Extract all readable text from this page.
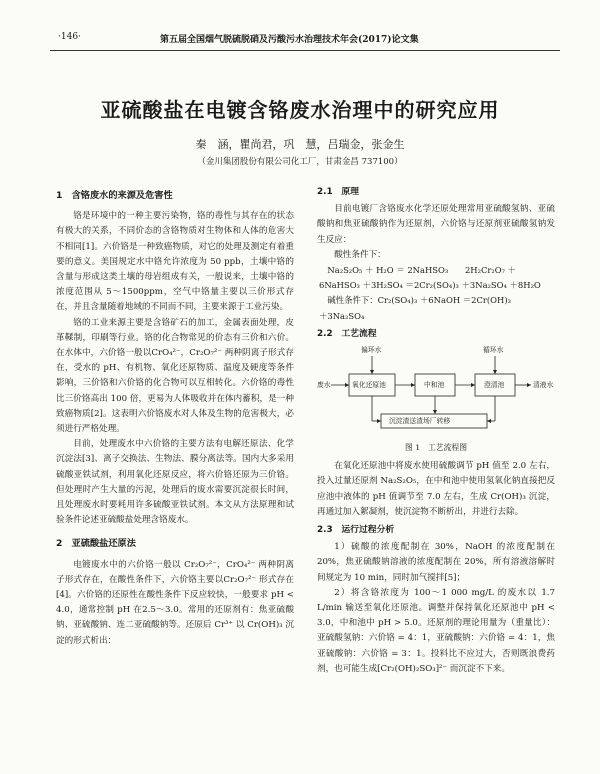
·146·	第五届全国烟气脱硫脱硝及污酸污水治理技术年会(2017)论文集
亚硫酸盐在电镀含铬废水治理中的研究应用
秦　涵，瞿尚君，巩　慧，吕瑞金，张金生
（金川集团股份有限公司化工厂，甘肃金昌 737100）
1　含铬废水的来源及危害性

铬是环境中的一种主要污染物，铬的毒性与其存在的状态有极大的关系，不同价态的含铬物质对生物体和人体的危害大不相同[1]。六价铬是一种致癌物质，对它的处理及测定有着重要的意义。美国规定水中铬允许浓度为 50 ppb，土壤中铬的含量与形成这类土壤的母岩组成有关，一般说来，土壤中铬的浓度范围从 5～1500ppm，空气中铬量主要以三价形式存在，并且含量随着地域的不同而不同，主要来源于工业污染。

铬的工业来源主要是含铬矿石的加工，金属表面处理，皮革鞣制，印刷等行业。铬的化合物常见的价态有三价和六价。在水体中，六价铬一般以CrO₄²⁻，Cr₂O₇²⁻ 两种阴离子形式存在，受水的 pH、有机物、氧化还原物质、温度及硬度等条件影响，三价铬和六价铬的化合物可以互相转化。六价铬的毒性比三价铬高出 100 倍，更易为人体吸收并在体内蓄积，是一种致癌物质[2]。这表明六价铬废水对人体及生物的危害极大，必须进行严格处理。

目前，处理废水中六价铬的主要方法有电解还原法、化学沉淀法[3]、离子交换法、生物法、膜分离法等。国内大多采用硫酸亚铁试剂，利用氧化还原反应，将六价铬还原为三价铬。但处理时产生大量的污泥，处理后的废水需要沉淀很长时间，且处理废水时要耗用许多硫酸亚铁试剂。本文从方法原理和试验条件论述亚硫酸盐处理含铬废水。

2　亚硫酸盐还原法

电镀废水中的六价铬一般以 Cr₂O₇²⁻，CrO₄²⁻ 两种阴离子形式存在，在酸性条件下，六价铬主要以Cr₂O₇²⁻ 形式存在[4]。六价铬的还原性在酸性条件下反应较快，一般要求 pH < 4.0，通常控制 pH 在2.5～3.0。常用的还原剂有：焦亚硫酸钠、亚硫酸钠、连二亚硫酸钠等。还原后 Cr³⁺ 以 Cr(OH)₃ 沉淀的形式析出：

2.1　原理

目前电镀厂含铬废水化学还原处理常用亚硫酸氢钠、亚硫酸钠和焦亚硫酸钠作为还原剂，六价铬与还原剂亚硫酸氢钠发生反应：

酸性条件下：

Na₂S₂O₅ ＋ H₂O ＝ 2NaHSO₃　　2H₂Cr₂O₇ ＋

6NaHSO₃ ＋3H₂SO₄ ＝2Cr₂(SO₄)₃ ＋3Na₂SO₄ ＋8H₂O

碱性条件下：Cr₂(SO₄)₃ ＋6NaOH ＝2Cr(OH)₃

＋3Na₂SO₄

2.2　工艺流程
偏环水	循环水
废水	清液水
氧化还原池	中和池	澄清池
沉淀渣送渣场厂转移
图 1　工艺流程图

在氧化还原池中将废水使用硫酸调节 pH 值至 2.0 左右，投入过量还原剂 Na₂S₂O₅，在中和池中使用氢氧化钠直接把反应池中液体的 pH 值调节至 7.0 左右，生成 Cr(OH)₃ 沉淀，再通过加入絮凝剂，使沉淀物不断析出，并进行去除。

2.3　运行过程分析

1）硫酸的浓度配制在 30%，NaOH 的浓度配制在 20%，焦亚硫酸钠溶液的浓度配制在 20%，所有溶液溶解时间规定为 10 min，同时加气搅拌[5]；

2）将含铬浓度为 100～1 000 mg/L 的废水以 1.7 L/min 输送至氧化还原池。调整并保持氧化还原池中 pH < 3.0，中和池中 pH > 5.0。还原剂的理论用量为（重量比）：亚硫酸氢钠：六价铬 = 4：1，亚硫酸钠：六价铬 = 4：1，焦亚硫酸钠：六价铬 = 3：1。投料比不应过大，否则既浪费药剂，也可能生成[Cr₂(OH)₂SO₃]²⁻ 而沉淀不下来。
